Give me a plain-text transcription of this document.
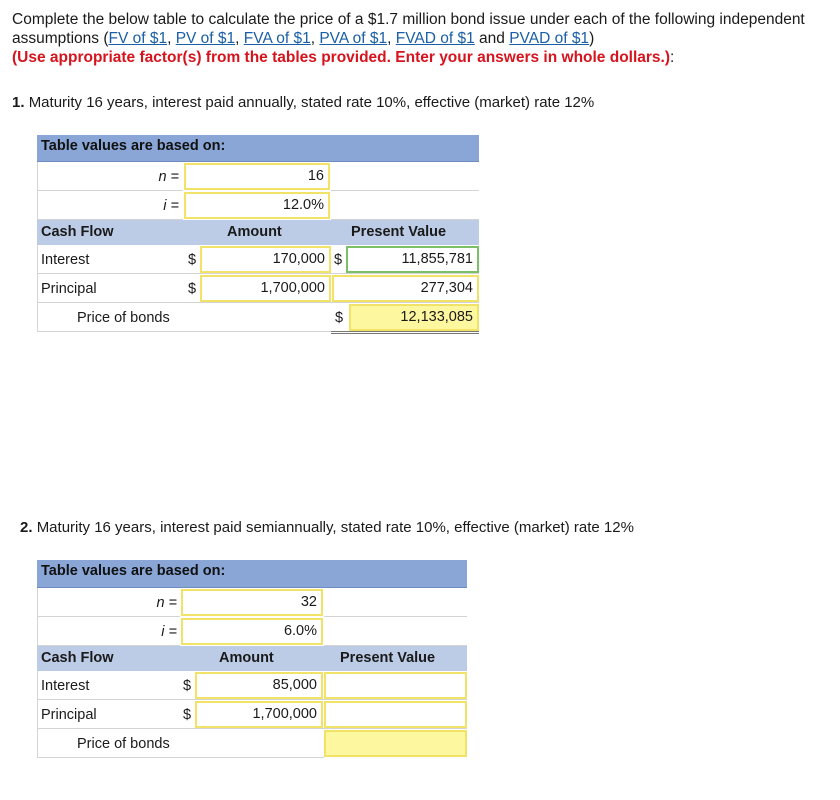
Complete the below table to calculate the price of a $1.7 million bond issue under each of the following independent assumptions (FV of $1, PV of $1, FVA of $1, PVA of $1, FVAD of $1 and PVAD of $1)
(Use appropriate factor(s) from the tables provided. Enter your answers in whole dollars.):
1. Maturity 16 years, interest paid annually, stated rate 10%, effective (market) rate 12%
Table values are based on:
n =	16
i =	12.0%
Cash Flow	Amount	Present Value
Interest	$	170,000 $	11,855,781
Principal	$	1,700,000	277,304
Price of bonds	$	12,133,085
2. Maturity 16 years, interest paid semiannually, stated rate 10%, effective (market) rate 12%
Table values are based on:
n =	32
i =	6.0%
Cash Flow	Amount	Present Value
Interest	$	85,000
Principal	$	1,700,000
Price of bonds
